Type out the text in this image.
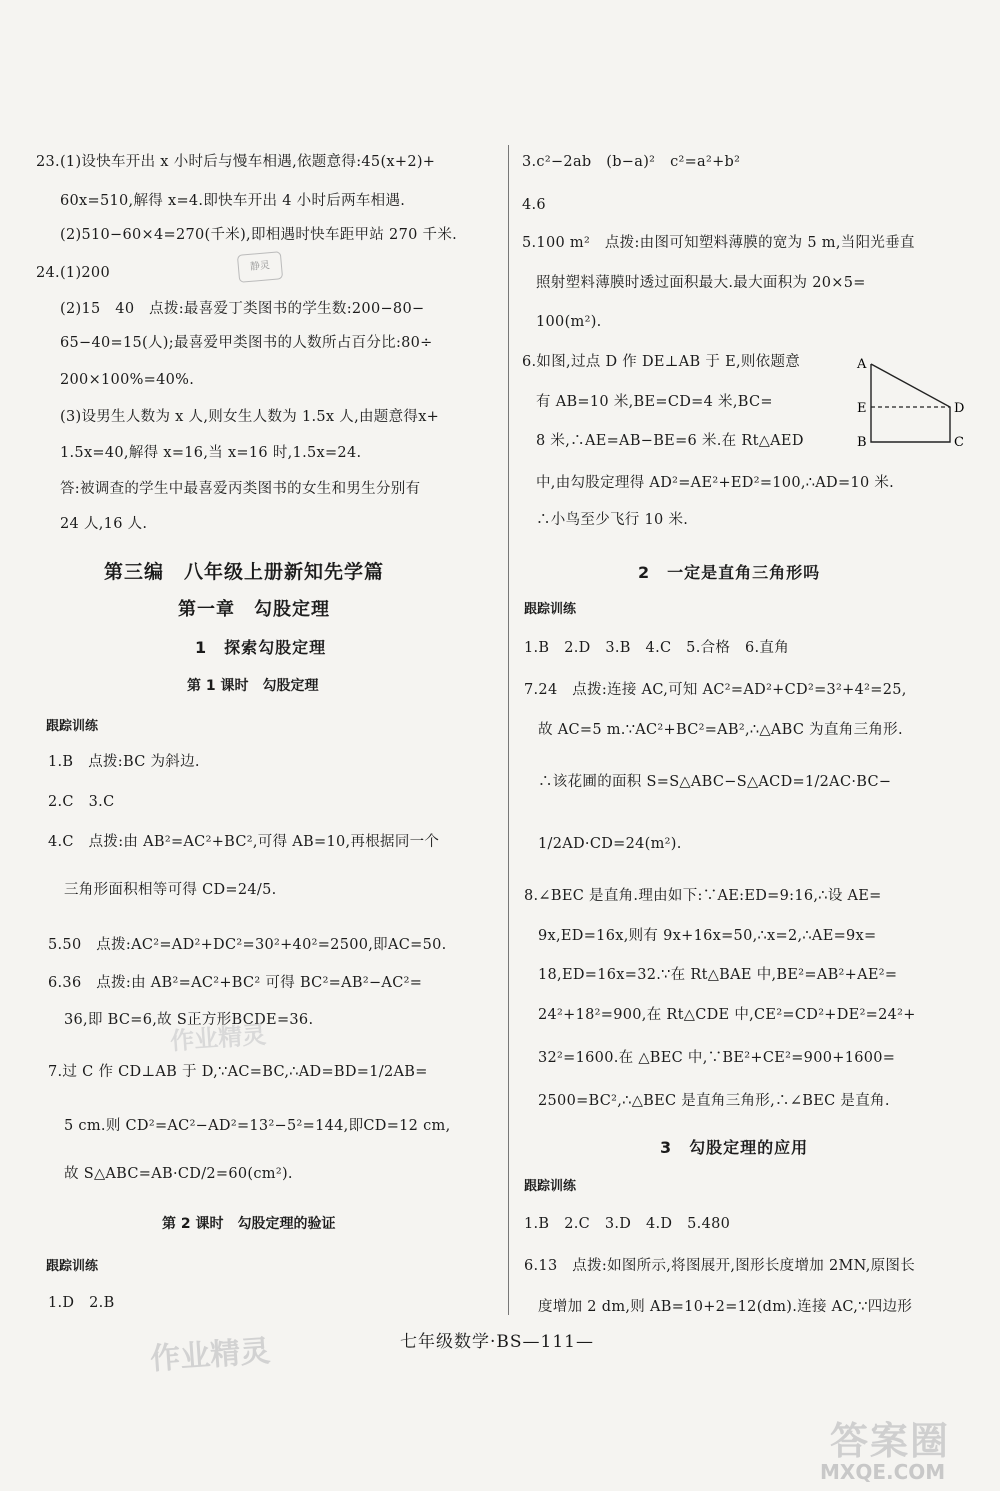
23.(1)设快车开出 x 小时后与慢车相遇,依题意得:45(x+2)+
60x=510,解得 x=4.即快车开出 4 小时后两车相遇.
(2)510−60×4=270(千米),即相遇时快车距甲站 270 千米.
24.(1)200
(2)15　40　点拨:最喜爱丁类图书的学生数:200−80−
65−40=15(人);最喜爱甲类图书的人数所占百分比:80÷
200×100%=40%.
(3)设男生人数为 x 人,则女生人数为 1.5x 人,由题意得x+
1.5x=40,解得 x=16,当 x=16 时,1.5x=24.
答:被调查的学生中最喜爱丙类图书的女生和男生分别有
24 人,16 人.
第三编　八年级上册新知先学篇
第一章　勾股定理
1　探索勾股定理
第 1 课时　勾股定理
跟踪训练
1.B　点拨:BC 为斜边.
2.C　3.C
4.C　点拨:由 AB²=AC²+BC²,可得 AB=10,再根据同一个
三角形面积相等可得 CD=24/5.
5.50　点拨:AC²=AD²+DC²=30²+40²=2500,即AC=50.
6.36　点拨:由 AB²=AC²+BC² 可得 BC²=AB²−AC²=
36,即 BC=6,故 S正方形BCDE=36.
7.过 C 作 CD⊥AB 于 D,∵AC=BC,∴AD=BD=1/2AB=
5 cm.则 CD²=AC²−AD²=13²−5²=144,即CD=12 cm,
故 S△ABC=AB·CD/2=60(cm²).
第 2 课时　勾股定理的验证
跟踪训练
1.D　2.B
3.c²−2ab　(b−a)²　c²=a²+b²
4.6
5.100 m²　点拨:由图可知塑料薄膜的宽为 5 m,当阳光垂直
照射塑料薄膜时透过面积最大.最大面积为 20×5=
100(m²).
6.如图,过点 D 作 DE⊥AB 于 E,则依题意
有 AB=10 米,BE=CD=4 米,BC=
8 米,∴AE=AB−BE=6 米.在 Rt△AED
中,由勾股定理得 AD²=AE²+ED²=100,∴AD=10 米.
∴小鸟至少飞行 10 米.
A
E	D
B	C
2　一定是直角三角形吗
跟踪训练
1.B　2.D　3.B　4.C　5.合格　6.直角
7.24　点拨:连接 AC,可知 AC²=AD²+CD²=3²+4²=25,
故 AC=5 m.∵AC²+BC²=AB²,∴△ABC 为直角三角形.
∴该花圃的面积 S=S△ABC−S△ACD=1/2AC·BC−
1/2AD·CD=24(m²).
8.∠BEC 是直角.理由如下:∵AE:ED=9:16,∴设 AE=
9x,ED=16x,则有 9x+16x=50,∴x=2,∴AE=9x=
18,ED=16x=32.∵在 Rt△BAE 中,BE²=AB²+AE²=
24²+18²=900,在 Rt△CDE 中,CE²=CD²+DE²=24²+
32²=1600.在 △BEC 中,∵BE²+CE²=900+1600=
2500=BC²,∴△BEC 是直角三角形,∴∠BEC 是直角.
3　勾股定理的应用
跟踪训练
1.B　2.C　3.D　4.D　5.480
6.13　点拨:如图所示,将图展开,图形长度增加 2MN,原图长
度增加 2 dm,则 AB=10+2=12(dm).连接 AC,∵四边形
静灵
作业精灵
作业精灵	七年级数学·BS—111—
答案圈
MXQE.COM
